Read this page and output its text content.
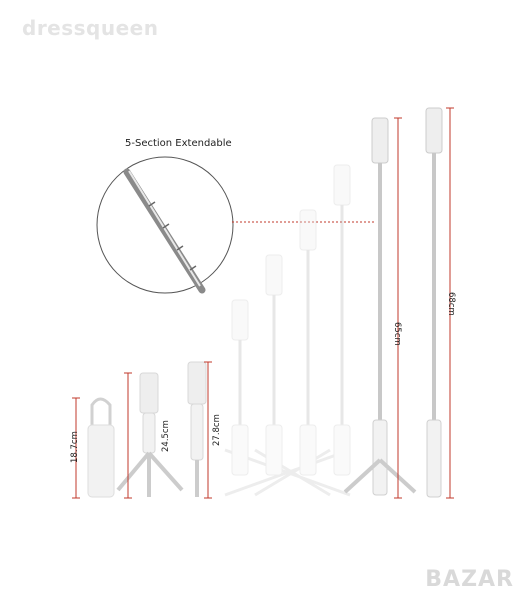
dressqueen
5-Section Extendable
18.7cm	24.5cm	27.8cm
65cm
68cm
BAZAR
